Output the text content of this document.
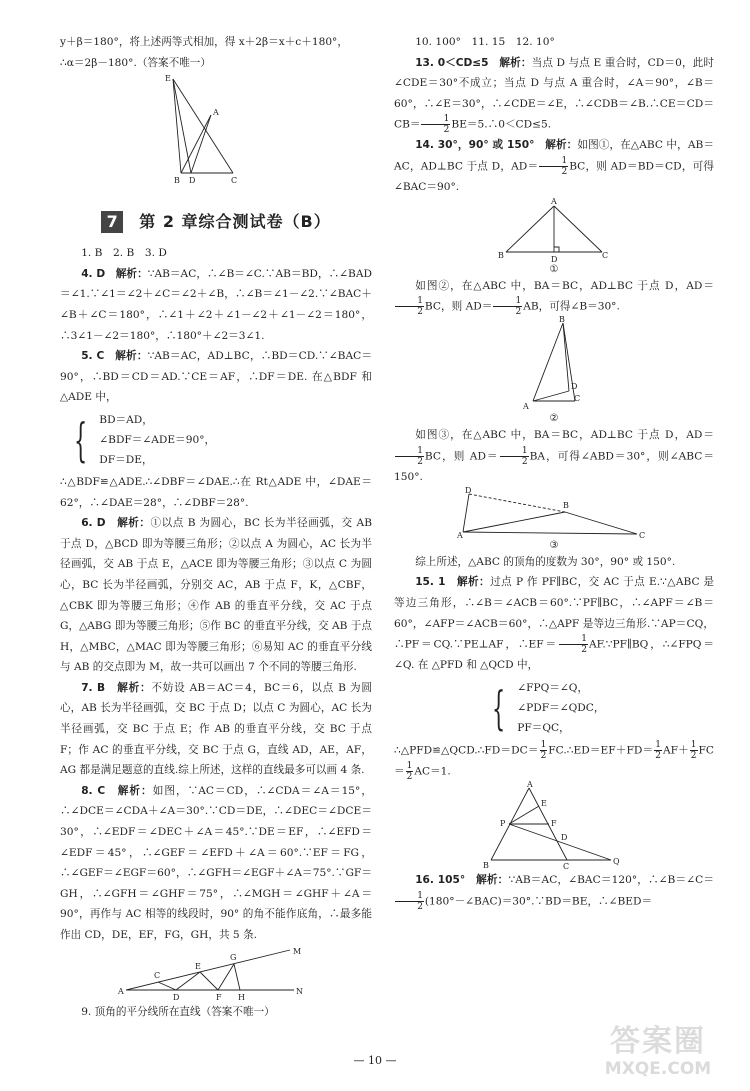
y＋β＝180°，将上述两等式相加，得 x＋2β＝x＋c＋180°，

∴α＝2β－180°.（答案不唯一）

E
A
B D	C
7	第 2 章综合测试卷（B）

1. B　2. B　3. D

4. D　解析：∵AB＝AC，∴∠B＝∠C.∵AB＝BD，∴∠BAD＝∠1.∵∠1＝∠2＋∠C＝∠2＋∠B，∴∠B＝∠1－∠2.∵∠BAC＋∠B＋∠C＝180°，∴∠1＋∠2＋∠1－∠2＋∠1－∠2＝180°，∴3∠1－∠2＝180°，∴180°＋∠2＝3∠1.

5. C　解析：∵AB＝AC，AD⊥BC，∴BD＝CD.∵∠BAC＝90°，∴BD＝CD＝AD.∵CE＝AF，∴DF＝DE. 在△BDF 和 △ADE 中，

{ BD＝AD，
∠BDF＝∠ADE＝90°，
DF＝DE，

∴△BDF≌△ADE.∴∠DBF＝∠DAE.∴在 Rt△ADE 中，∠DAE＝62°，∴∠DAE＝28°，∴∠DBF＝28°.

6. D　解析：①以点 B 为圆心，BC 长为半径画弧，交 AB 于点 D，△BCD 即为等腰三角形；②以点 A 为圆心，AC 长为半径画弧，交 AB 于点 E，△ACE 即为等腰三角形；③以点 C 为圆心，BC 长为半径画弧，分别交 AC，AB 于点 F，K，△CBF，△CBK 即为等腰三角形；④作 AB 的垂直平分线，交 AC 于点 G，△ABG 即为等腰三角形；⑤作 BC 的垂直平分线，交 AB 于点 H，△MBC，△MAC 即为等腰三角形；⑥易知 AC 的垂直平分线与 AB 的交点即为 M，故一共可以画出 7 个不同的等腰三角形.

7. B　解析：不妨设 AB＝AC＝4，BC＝6，以点 B 为圆心，AB 长为半径画弧，交 BC 于点 D；以点 C 为圆心，AC 长为半径画弧，交 BC 于点 E；作 AB 的垂直平分线，交 BC 于点 F；作 AC 的垂直平分线，交 BC 于点 G，直线 AD，AE，AF，AG 都是满足题意的直线.综上所述，这样的直线最多可以画 4 条.

8. C　解析：如图，∵AC＝CD，∴∠CDA＝∠A＝15°，∴∠DCE＝∠CDA＋∠A＝30°.∵CD＝DE，∴∠DEC＝∠DCE＝30°，∴∠EDF＝∠DEC＋∠A＝45°.∵DE＝EF，∴∠EFD＝∠EDF＝45°，∴∠GEF＝∠EFD＋∠A＝60°.∵EF＝FG，∴∠GEF＝∠EGF＝60°，∴∠GFH＝∠EGF＋∠A＝75°.∵GF＝GH，∴∠GFH＝∠GHF＝75°，∴∠MGH＝∠GHF＋∠A＝90°，再作与 AC 相等的线段时，90° 的角不能作底角，∴最多能作出 CD，DE，EF，FG，GH，共 5 条.

A
C
D
E
F
G
H
M
N

9. 顶角的平分线所在直线（答案不唯一）

10. 100°　11. 15　12. 10°

13. 0＜CD≤5　解析：当点 D 与点 E 重合时，CD＝0，此时∠CDE＝30°不成立；当点 D 与点 A 重合时，∠A＝90°，∠B＝60°，∴∠E＝30°，∴∠CDE＝∠E，∴∠CDB＝∠B.∴CE＝CD＝CB＝ $\frac{1}{2}$ BE＝5.∴0＜CD≤5.

14. 30°，90° 或 150°　解析：如图①，在△ABC 中，AB＝AC，AD⊥BC 于点 D，$AD= \frac{1}{2}$ BC，则 AD＝BD＝CD，可得∠BAC＝90°.

A
B	D	C
①

如图②，在△ABC 中，BA＝BC，AD⊥BC 于点 D，AD＝
$\frac{1}{2}$ BC，则 $AD= \frac{1}{2}$ AB，可得∠B＝30°.

B
A
D
C
②

如图③，在△ABC 中，BA＝BC，AD⊥BC 于点 D，AD＝
$\frac{1}{2}$ BC，则 $AD= \frac{1}{2}$ BA，可得∠ABD＝30°，则∠ABC＝150°.

D
B
A	C
③

综上所述，△ABC 的顶角的度数为 30°，90° 或 150°.

15. 1　解析：过点 P 作 PF∥BC，交 AC 于点 E.∵△ABC 是等边三角形，∴∠B＝∠ACB＝60°.∵PF∥BC，∴∠APF＝∠B＝60°，∠AFP＝∠ACB＝60°，∴△APF 是等边三角形.∵AP＝CQ，∴PF＝CQ.∵PE⊥AF，∴EF＝ $\frac{1}{2}$ AF.∵PF∥BQ，∴∠FPQ＝∠Q. 在 △PFD 和 △QCD 中，

{ ∠FPQ＝∠Q，
∠PDF＝∠QDC，
PF＝QC，

∴△PFD≌△QCD.∴FD＝DC＝ $\frac{1}{2}$ FC.∴ED＝EF＋FD＝ $\frac{1}{2} AF+ \frac{1}{2} FC= \frac{1}{2} AC=1$.

A
E
P	F
D
B	C
Q

16. 105°　解析：∵AB＝AC，∠BAC＝120°，∴∠B＝∠C＝
$\frac{1}{2}$ (180°－∠BAC)＝30°.∵BD＝BE，∴∠BED＝

— 10 —
答案圈
MXQE.COM
